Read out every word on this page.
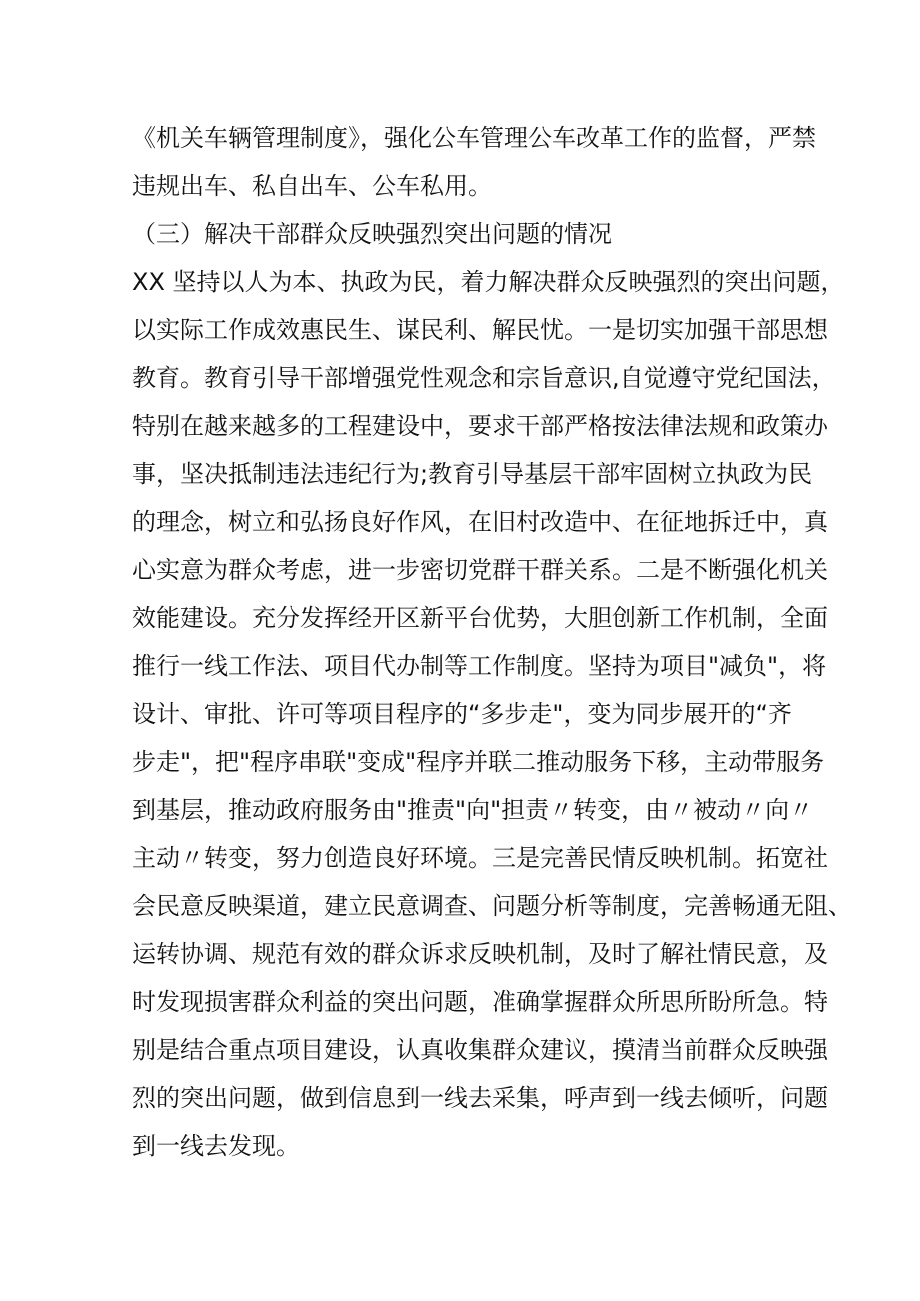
《机关车辆管理制度》，强化公车管理公车改革工作的监督，严禁
违规出车、私自出车、公车私用。
（三）解决干部群众反映强烈突出问题的情况
XX 坚持以人为本、执政为民，着力解决群众反映强烈的突出问题，
以实际工作成效惠民生、谋民利、解民忧。一是切实加强干部思想
教育。教育引导干部增强党性观念和宗旨意识,自觉遵守党纪国法，
特别在越来越多的工程建设中，要求干部严格按法律法规和政策办
事，坚决抵制违法违纪行为;教育引导基层干部牢固树立执政为民
的理念，树立和弘扬良好作风，在旧村改造中、在征地拆迁中，真
心实意为群众考虑，进一步密切党群干群关系。二是不断强化机关
效能建设。充分发挥经开区新平台优势，大胆创新工作机制，全面
推行一线工作法、项目代办制等工作制度。坚持为项目"减负"，将
设计、审批、许可等项目程序的“多步走"，变为同步展开的“齐
步走"，把"程序串联"变成"程序并联二推动服务下移，主动带服务
到基层，推动政府服务由"推责"向"担责〃转变，由〃被动〃向〃
主动〃转变，努力创造良好环境。三是完善民情反映机制。拓宽社
会民意反映渠道，建立民意调查、问题分析等制度，完善畅通无阻、
运转协调、规范有效的群众诉求反映机制，及时了解社情民意，及
时发现损害群众利益的突出问题，准确掌握群众所思所盼所急。特
别是结合重点项目建设，认真收集群众建议，摸清当前群众反映强
烈的突出问题，做到信息到一线去采集，呼声到一线去倾听，问题
到一线去发现。
